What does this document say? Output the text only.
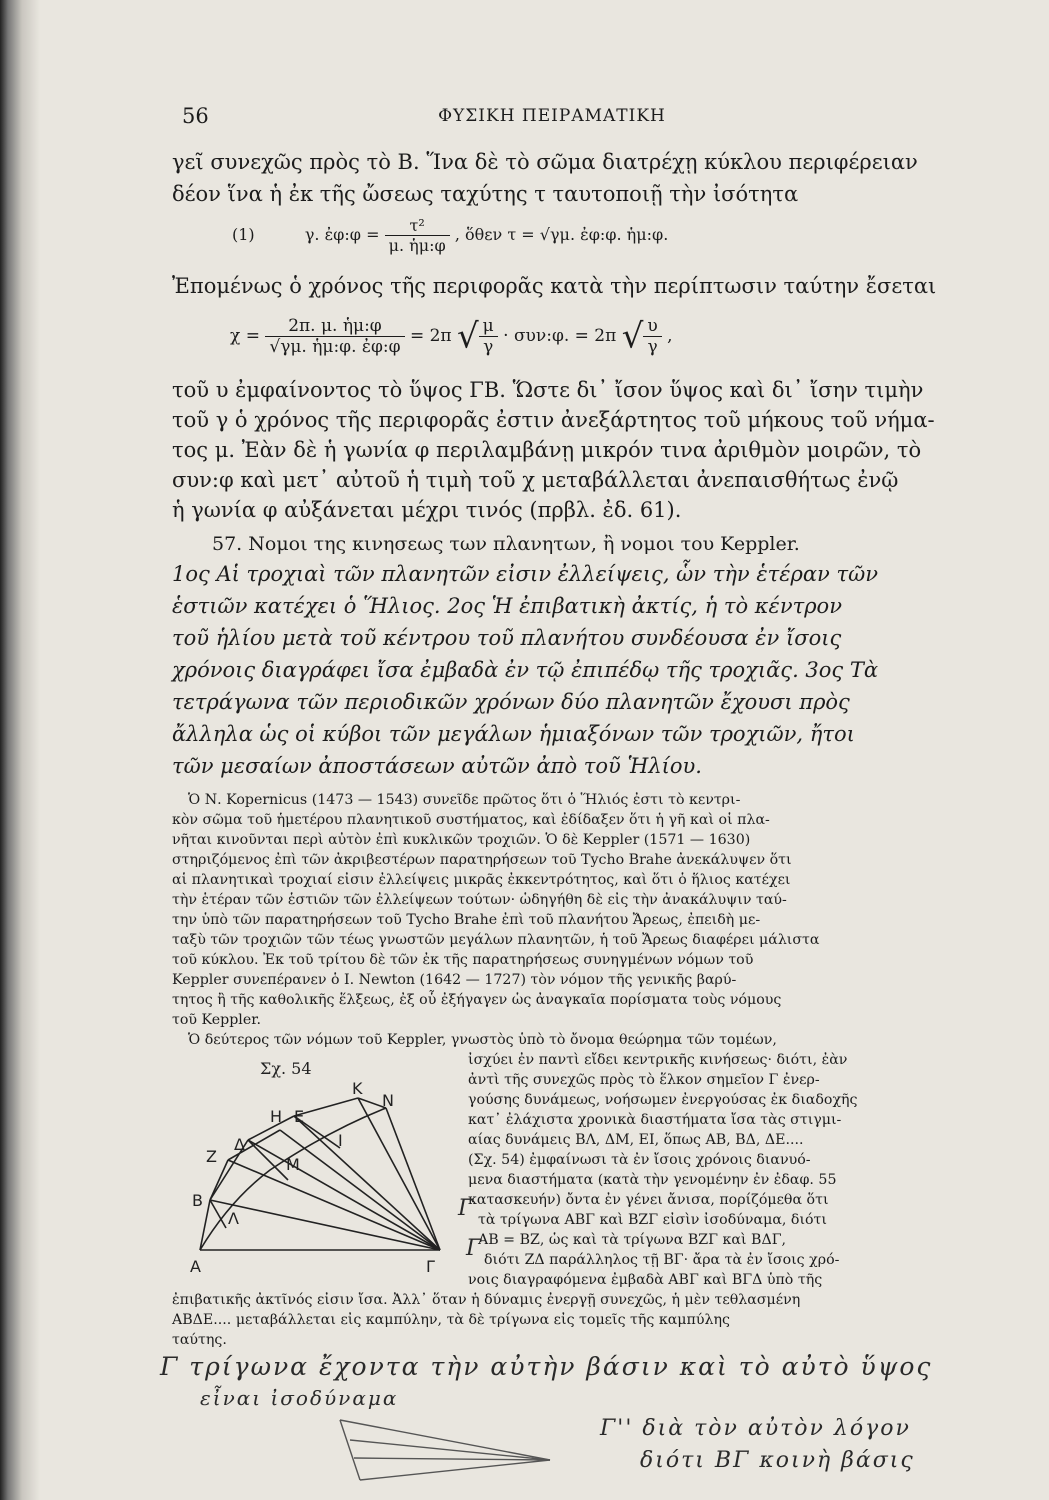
56	ΦΥΣΙΚΗ ΠΕΙΡΑΜΑΤΙΚΗ
γεῖ συνεχῶς πρὸς τὸ Β. Ἵνα δὲ τὸ σῶμα διατρέχῃ κύκλου περιφέρειαν
δέον ἵνα ἡ ἐκ τῆς ὤσεως ταχύτης τ ταυτοποιῇ τὴν ἰσότητα
(1)	γ. ἐφ:φ = $\frac{\text{τ²}}{\text{μ. ἡμ:φ}}$ , ὅθεν τ = √γμ. ἐφ:φ. ἡμ:φ.
Ἐπομένως ὁ χρόνος τῆς περιφορᾶς κατὰ τὴν περίπτωσιν ταύτην ἔσεται
$\chi = \frac{\text{2π. μ. ἡμ:φ}}{\text{√γμ. ἡμ:φ. ἐφ:φ}} = 2\pi$ √ $\frac{\mu}{\gamma}$ · συν:φ. = 2π √ $\frac{\upsilon}{\gamma}$ ,
τοῦ υ ἐμφαίνοντος τὸ ὕψος ΓΒ. Ὥστε δι᾽ ἴσον ὕψος καὶ δι᾽ ἴσην τιμὴν
τοῦ γ ὁ χρόνος τῆς περιφορᾶς ἐστιν ἀνεξάρτητος τοῦ μήκους τοῦ νήμα-
τος μ. Ἐὰν δὲ ἡ γωνία φ περιλαμβάνῃ μικρόν τινα ἀριθμὸν μοιρῶν, τὸ
συν:φ καὶ μετ᾽ αὐτοῦ ἡ τιμὴ τοῦ χ μεταβάλλεται ἀνεπαισθήτως ἐνῷ
ἡ γωνία φ αὐξάνεται μέχρι τινός (πρβλ. ἐδ. 61).
57. Νομοι της κινησεως των πλανητων, ἢ νομοι του Keppler.
1ος Αἱ τροχιαὶ τῶν πλανητῶν εἰσιν ἐλλείψεις, ὧν τὴν ἑτέραν τῶν
ἑστιῶν κατέχει ὁ Ἥλιος. 2ος Ἡ ἐπιβατικὴ ἀκτίς, ἡ τὸ κέντρον
τοῦ ἡλίου μετὰ τοῦ κέντρου τοῦ πλανήτου συνδέουσα ἐν ἴσοις
χρόνοις διαγράφει ἴσα ἐμβαδὰ ἐν τῷ ἐπιπέδῳ τῆς τροχιᾶς. 3ος Τὰ
τετράγωνα τῶν περιοδικῶν χρόνων δύο πλανητῶν ἔχουσι πρὸς
ἄλληλα ὡς οἱ κύβοι τῶν μεγάλων ἡμιαξόνων τῶν τροχιῶν, ἤτοι
τῶν μεσαίων ἀποστάσεων αὐτῶν ἀπὸ τοῦ Ἡλίου.
Ὁ Ν. Kopernicus (1473 — 1543) συνεῖδε πρῶτος ὅτι ὁ Ἥλιός ἐστι τὸ κεντρι-
κὸν σῶμα τοῦ ἡμετέρου πλανητικοῦ συστήματος, καὶ ἐδίδαξεν ὅτι ἡ γῆ καὶ οἱ πλα-
νῆται κινοῦνται περὶ αὐτὸν ἐπὶ κυκλικῶν τροχιῶν. Ὁ δὲ Keppler (1571 — 1630)
στηριζόμενος ἐπὶ τῶν ἀκριβεστέρων παρατηρήσεων τοῦ Tycho Brahe ἀνεκάλυψεν ὅτι
αἱ πλανητικαὶ τροχιαί εἰσιν ἐλλείψεις μικρᾶς ἐκκεντρότητος, καὶ ὅτι ὁ ἥλιος κατέχει
τὴν ἑτέραν τῶν ἑστιῶν τῶν ἐλλείψεων τούτων· ὡδηγήθη δὲ εἰς τὴν ἀνακάλυψιν ταύ-
την ὑπὸ τῶν παρατηρήσεων τοῦ Tycho Brahe ἐπὶ τοῦ πλανήτου Ἄρεως, ἐπειδὴ με-
ταξὺ τῶν τροχιῶν τῶν τέως γνωστῶν μεγάλων πλανητῶν, ἡ τοῦ Ἄρεως διαφέρει μάλιστα
τοῦ κύκλου. Ἐκ τοῦ τρίτου δὲ τῶν ἐκ τῆς παρατηρήσεως συνηγμένων νόμων τοῦ
Keppler συνεπέρανεν ὁ I. Newton (1642 — 1727) τὸν νόμον τῆς γενικῆς βαρύ-
τητος ἢ τῆς καθολικῆς ἕλξεως, ἐξ οὗ ἐξήγαγεν ὡς ἀναγκαῖα πορίσματα τοὺς νόμους
τοῦ Keppler.
Ὁ δεύτερος τῶν νόμων τοῦ Keppler, γνωστὸς ὑπὸ τὸ ὄνομα θεώρημα τῶν τομέων,
ἰσχύει ἐν παντὶ εἴδει κεντρικῆς κινήσεως· διότι, ἐὰν
ἀντὶ τῆς συνεχῶς πρὸς τὸ ἕλκον σημεῖον Γ ἐνερ-
γούσης δυνάμεως, νοήσωμεν ἐνεργούσας ἐκ διαδοχῆς
κατ᾽ ἐλάχιστα χρονικὰ διαστήματα ἴσα τὰς στιγμι-
αίας δυνάμεις ΒΛ, ΔΜ, ΕΙ, ὅπως ΑΒ, ΒΔ, ΔΕ....
(Σχ. 54) ἐμφαίνωσι τὰ ἐν ἴσοις χρόνοις διανυό-
μενα διαστήματα (κατὰ τὴν γενομένην ἐν ἐδαφ. 55
κατασκευήν) ὄντα ἐν γένει ἄνισα, πορίζόμεθα ὅτι
τὰ τρίγωνα ΑΒΓ καὶ ΒΖΓ εἰσὶν ἰσοδύναμα, διότι
ΑΒ = ΒΖ, ὡς καὶ τὰ τρίγωνα ΒΖΓ καὶ ΒΔΓ,
διότι ΖΔ παράλληλος τῇ ΒΓ· ἄρα τὰ ἐν ἴσοις χρό-
νοις διαγραφόμενα ἐμβαδὰ ΑΒΓ καὶ ΒΓΔ ὑπὸ τῆς
ἐπιβατικῆς ἀκτῖνός εἰσιν ἴσα. Ἀλλ᾽ ὅταν ἡ δύναμις ἐνεργῇ συνεχῶς, ἡ μὲν τεθλασμένη
ΑΒΔΕ.... μεταβάλλεται εἰς καμπύλην, τὰ δὲ τρίγωνα εἰς τομεῖς τῆς καμπύλης
ταύτης.
Γ
Γ
Σχ. 54
A
B
Z
Δ
H E
K
N
M
I
Λ
Γ
Γ τρίγωνα ἔχοντα τὴν αὐτὴν βάσιν καὶ τὸ αὐτὸ ὕψος
εἶναι ἰσοδύναμα
Γ'' διὰ τὸν αὐτὸν λόγον
διότι ΒΓ κοινὴ βάσις
